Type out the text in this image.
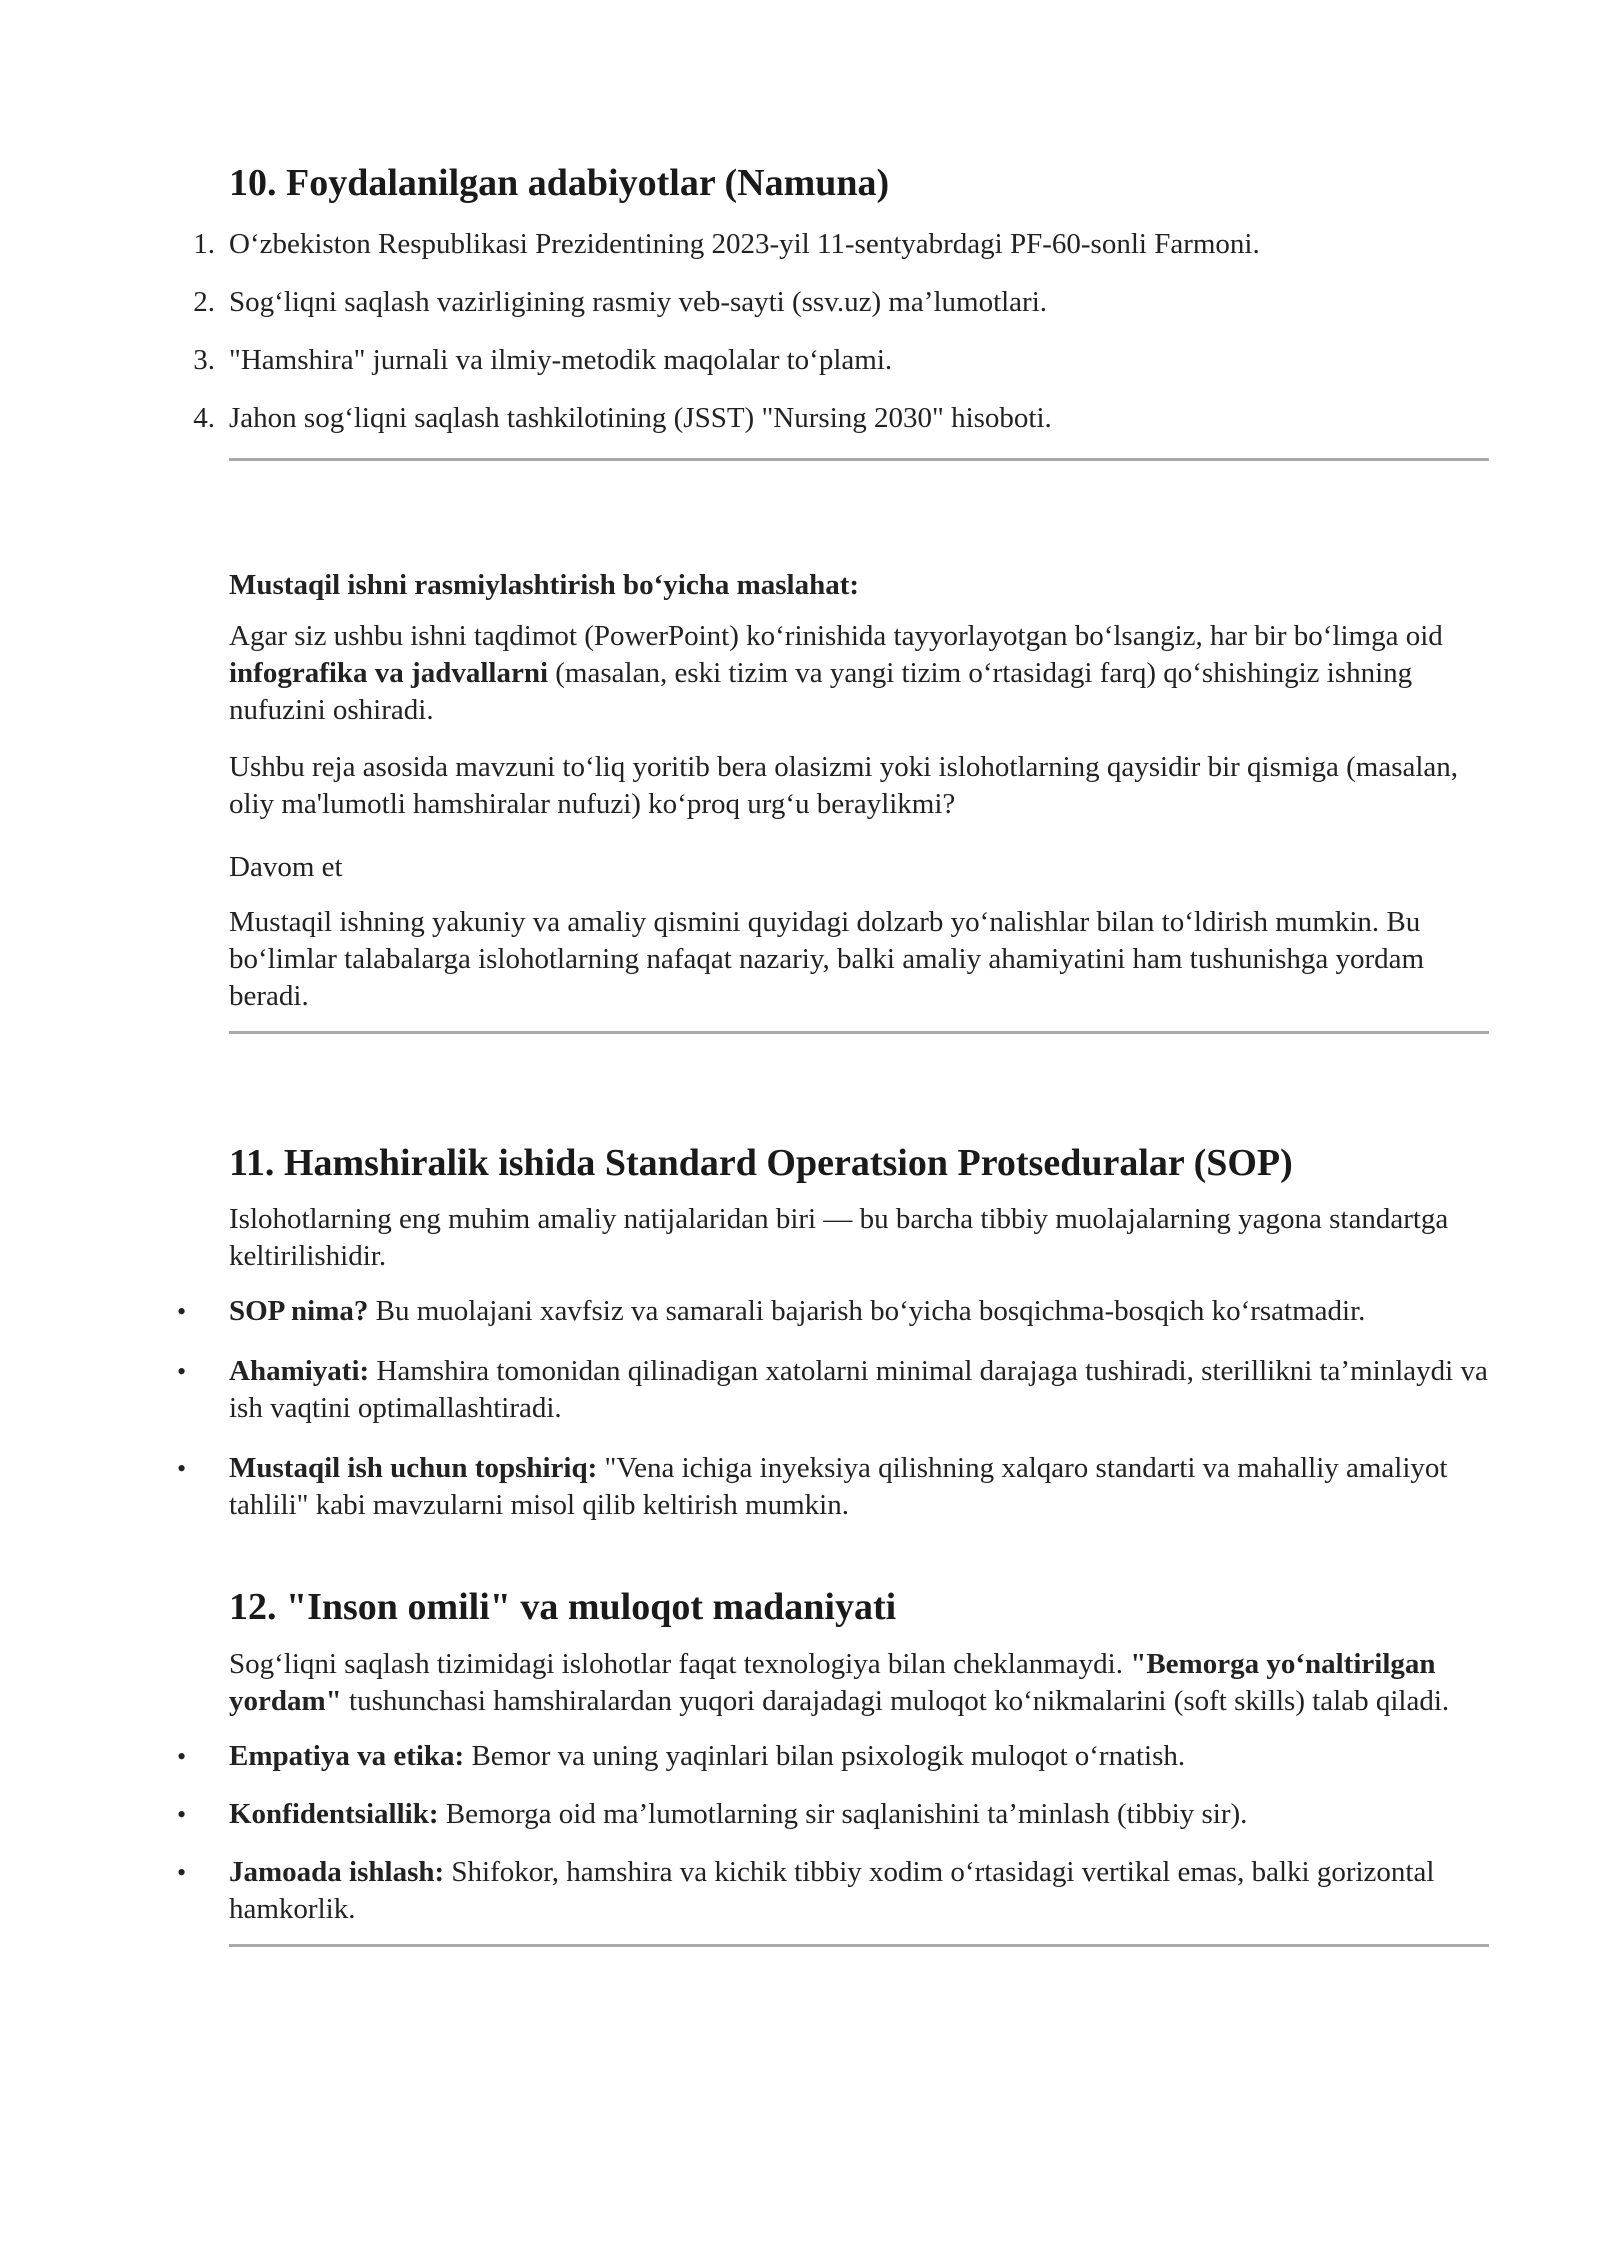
10. Foydalanilgan adabiyotlar (Namuna)
1. O‘zbekiston Respublikasi Prezidentining 2023-yil 11-sentyabrdagi PF-60-sonli Farmoni.
2. Sog‘liqni saqlash vazirligining rasmiy veb-sayti (ssv.uz) ma’lumotlari.
3. "Hamshira" jurnali va ilmiy-metodik maqolalar to‘plami.
4. Jahon sog‘liqni saqlash tashkilotining (JSST) "Nursing 2030" hisoboti.

Mustaqil ishni rasmiylashtirish bo‘yicha maslahat:

Agar siz ushbu ishni taqdimot (PowerPoint) ko‘rinishida tayyorlayotgan bo‘lsangiz, har bir bo‘limga oid infografika va jadvallarni (masalan, eski tizim va yangi tizim o‘rtasidagi farq) qo‘shishingiz ishning nufuzini oshiradi.

Ushbu reja asosida mavzuni to‘liq yoritib bera olasizmi yoki islohotlarning qaysidir bir qismiga (masalan, oliy ma'lumotli hamshiralar nufuzi) ko‘proq urg‘u beraylikmi?

Davom et

Mustaqil ishning yakuniy va amaliy qismini quyidagi dolzarb yo‘nalishlar bilan to‘ldirish mumkin. Bu bo‘limlar talabalarga islohotlarning nafaqat nazariy, balki amaliy ahamiyatini ham tushunishga yordam beradi.

11. Hamshiralik ishida Standard Operatsion Protseduralar (SOP)

Islohotlarning eng muhim amaliy natijalaridan biri — bu barcha tibbiy muolajalarning yagona standartga keltirilishidir.

• SOP nima? Bu muolajani xavfsiz va samarali bajarish bo‘yicha bosqichma-bosqich ko‘rsatmadir.
• Ahamiyati: Hamshira tomonidan qilinadigan xatolarni minimal darajaga tushiradi, sterillikni ta’minlaydi va ish vaqtini optimallashtiradi.
• Mustaqil ish uchun topshiriq: "Vena ichiga inyeksiya qilishning xalqaro standarti va mahalliy amaliyot tahlili" kabi mavzularni misol qilib keltirish mumkin.
12. "Inson omili" va muloqot madaniyati

Sog‘liqni saqlash tizimidagi islohotlar faqat texnologiya bilan cheklanmaydi. "Bemorga yo‘naltirilgan yordam" tushunchasi hamshiralardan yuqori darajadagi muloqot ko‘nikmalarini (soft skills) talab qiladi.

• Empatiya va etika: Bemor va uning yaqinlari bilan psixologik muloqot o‘rnatish.
• Konfidentsiallik: Bemorga oid ma’lumotlarning sir saqlanishini ta’minlash (tibbiy sir).
• Jamoada ishlash: Shifokor, hamshira va kichik tibbiy xodim o‘rtasidagi vertikal emas, balki gorizontal hamkorlik.
